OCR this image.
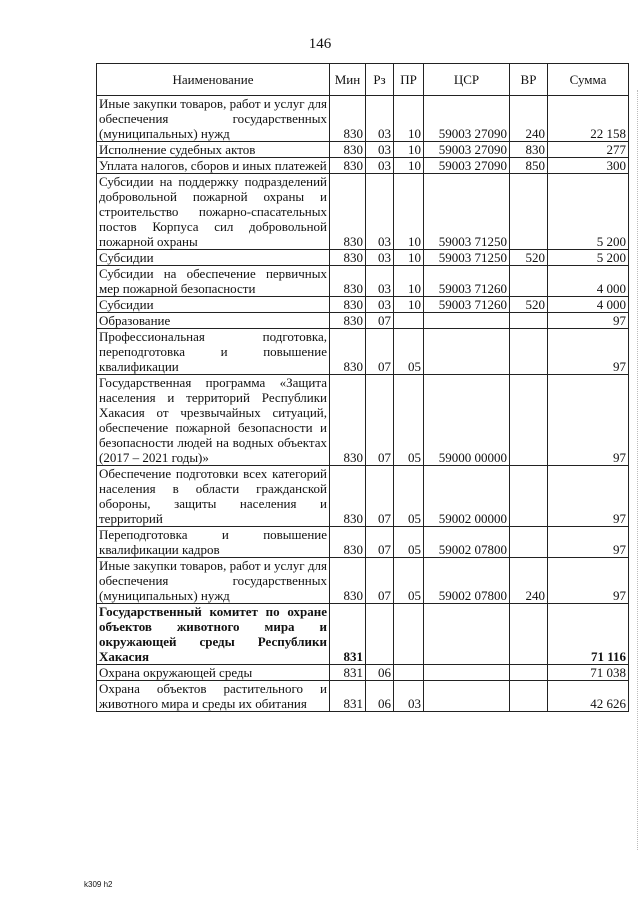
146
Наименование	Мин	Рз	ПР	ЦСР	ВР	Сумма
Иные закупки товаров, работ и услуг для обеспечения государственных (муниципальных) нужд	830	03	10	59003 27090	240	22 158
Исполнение судебных актов	830	03	10	59003 27090	830	277
Уплата налогов, сборов и иных платежей	830	03	10	59003 27090	850	300
Субсидии на поддержку подразделений добровольной пожарной охраны и строительство пожарно-спасательных постов Корпуса сил добровольной пожарной охраны	830	03	10	59003 71250		5 200
Субсидии	830	03	10	59003 71250	520	5 200
Субсидии на обеспечение первичных мер пожарной безопасности	830	03	10	59003 71260		4 000
Субсидии	830	03	10	59003 71260	520	4 000
Образование	830	07				97
Профессиональная подготовка, переподготовка и повышение квалификации	830	07	05			97
Государственная программа «Защита населения и территорий Республики Хакасия от чрезвычайных ситуаций, обеспечение пожарной безопасности и безопасности людей на водных объектах (2017 – 2021 годы)»	830	07	05	59000 00000		97
Обеспечение подготовки всех категорий населения в области гражданской обороны, защиты населения и территорий	830	07	05	59002 00000		97
Переподготовка и повышение квалификации кадров	830	07	05	59002 07800		97
Иные закупки товаров, работ и услуг для обеспечения государственных (муниципальных) нужд	830	07	05	59002 07800	240	97
Государственный комитет по охране объектов животного мира и окружающей среды Республики Хакасия	831					71 116
Охрана окружающей среды	831	06				71 038
Охрана объектов растительного и животного мира и среды их обитания	831	06	03			42 626
k309 h2
